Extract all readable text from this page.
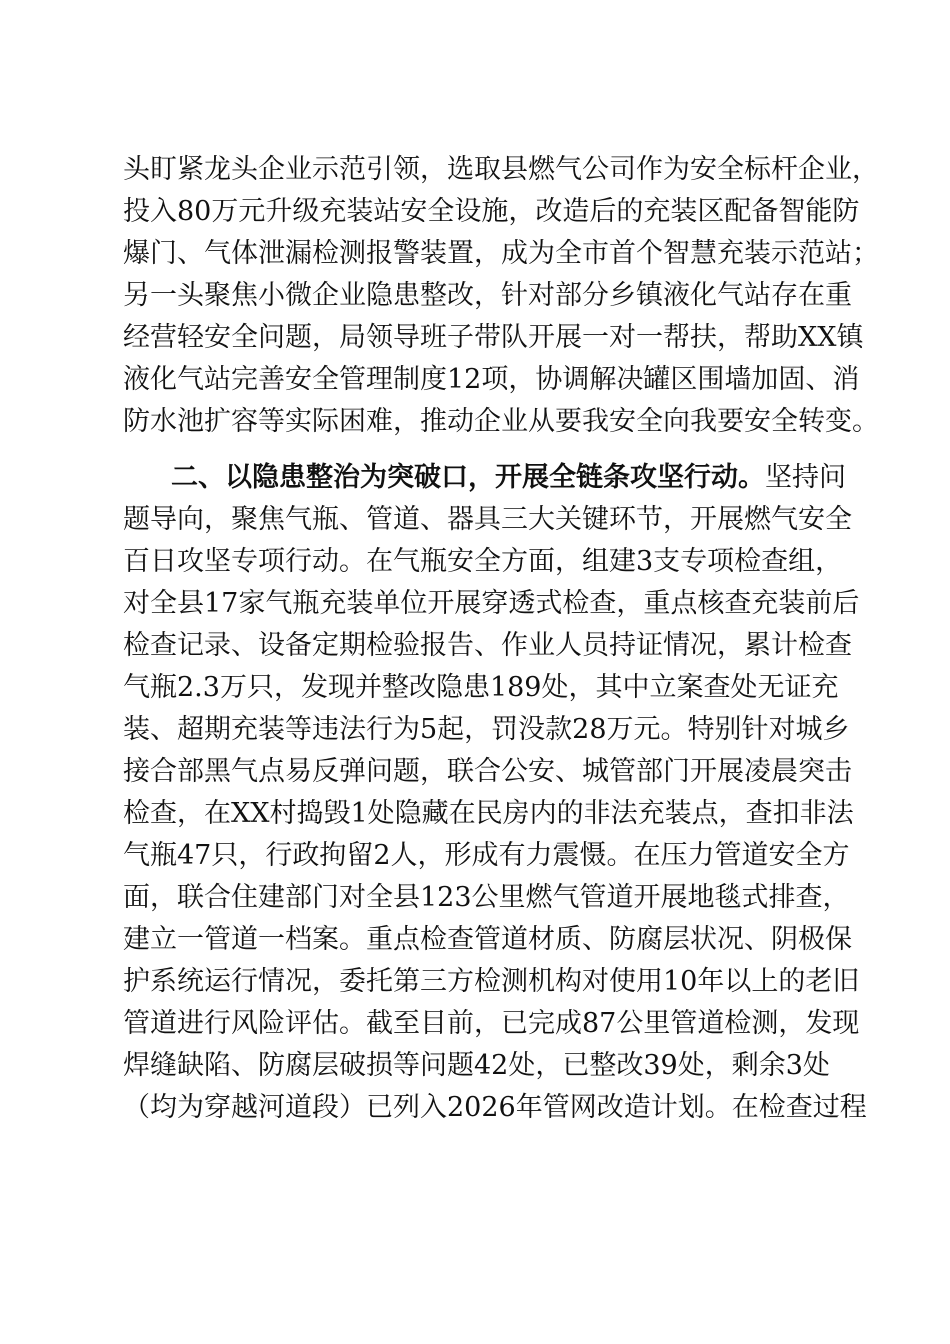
头盯紧龙头企业示范引领，选取县燃气公司作为安全标杆企业，
投入80万元升级充装站安全设施，改造后的充装区配备智能防
爆门、气体泄漏检测报警装置，成为全市首个智慧充装示范站；
另一头聚焦小微企业隐患整改，针对部分乡镇液化气站存在重
经营轻安全问题，局领导班子带队开展一对一帮扶，帮助XX镇
液化气站完善安全管理制度12项，协调解决罐区围墙加固、消
防水池扩容等实际困难，推动企业从要我安全向我要安全转变。
二、以隐患整治为突破口，开展全链条攻坚行动。坚持问
题导向，聚焦气瓶、管道、器具三大关键环节，开展燃气安全
百日攻坚专项行动。在气瓶安全方面，组建3支专项检查组，
对全县17家气瓶充装单位开展穿透式检查，重点核查充装前后
检查记录、设备定期检验报告、作业人员持证情况，累计检查
气瓶2.3万只，发现并整改隐患189处，其中立案查处无证充
装、超期充装等违法行为5起，罚没款28万元。特别针对城乡
接合部黑气点易反弹问题，联合公安、城管部门开展凌晨突击
检查，在XX村捣毁1处隐藏在民房内的非法充装点，查扣非法
气瓶47只，行政拘留2人，形成有力震慑。在压力管道安全方
面，联合住建部门对全县123公里燃气管道开展地毯式排查，
建立一管道一档案。重点检查管道材质、防腐层状况、阴极保
护系统运行情况，委托第三方检测机构对使用10年以上的老旧
管道进行风险评估。截至目前，已完成87公里管道检测，发现
焊缝缺陷、防腐层破损等问题42处，已整改39处，剩余3处
（均为穿越河道段）已列入2026年管网改造计划。在检查过程
